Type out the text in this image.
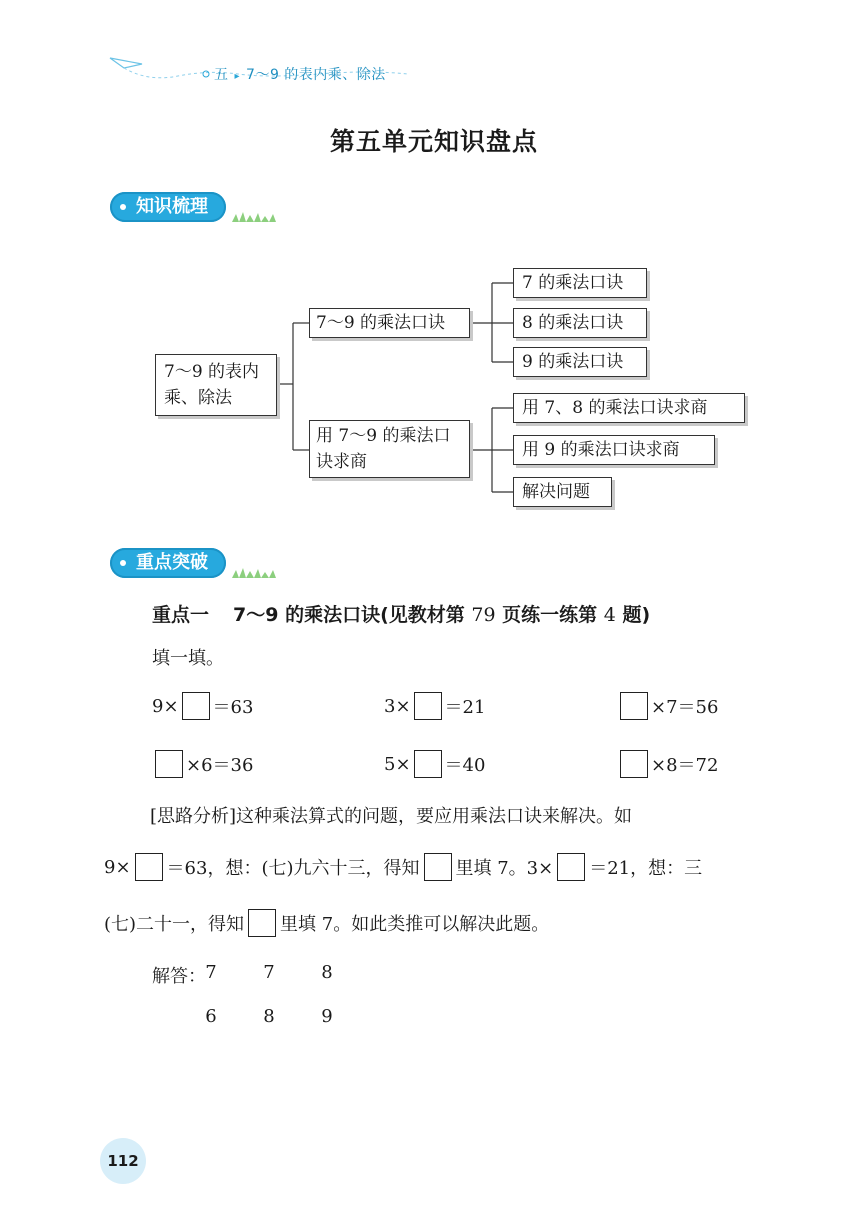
五 ▸ 7～9 的表内乘、除法
第五单元知识盘点
知识梳理
7～9 的表内
乘、除法
7～9 的乘法口诀
7 的乘法口诀
8 的乘法口诀
9 的乘法口诀
用 7～9 的乘法口
诀求商
用 7、8 的乘法口诀求商
用 9 的乘法口诀求商
解决问题
重点突破
重点一 7～9 的乘法口诀(见教材第 79 页练一练第 4 题)
填一填。
9× ＝63	3× ＝21	×7＝56
×6＝36	5× ＝40	×8＝72
[思路分析]这种乘法算式的问题，要应用乘法口诀来解决。如
9× ＝63，想：(七)九六十三，得知 里填 7。3× ＝21，想：三
(七)二十一，得知 里填 7。如此类推可以解决此题。
解答： 7	7	8
6	8	9
112
